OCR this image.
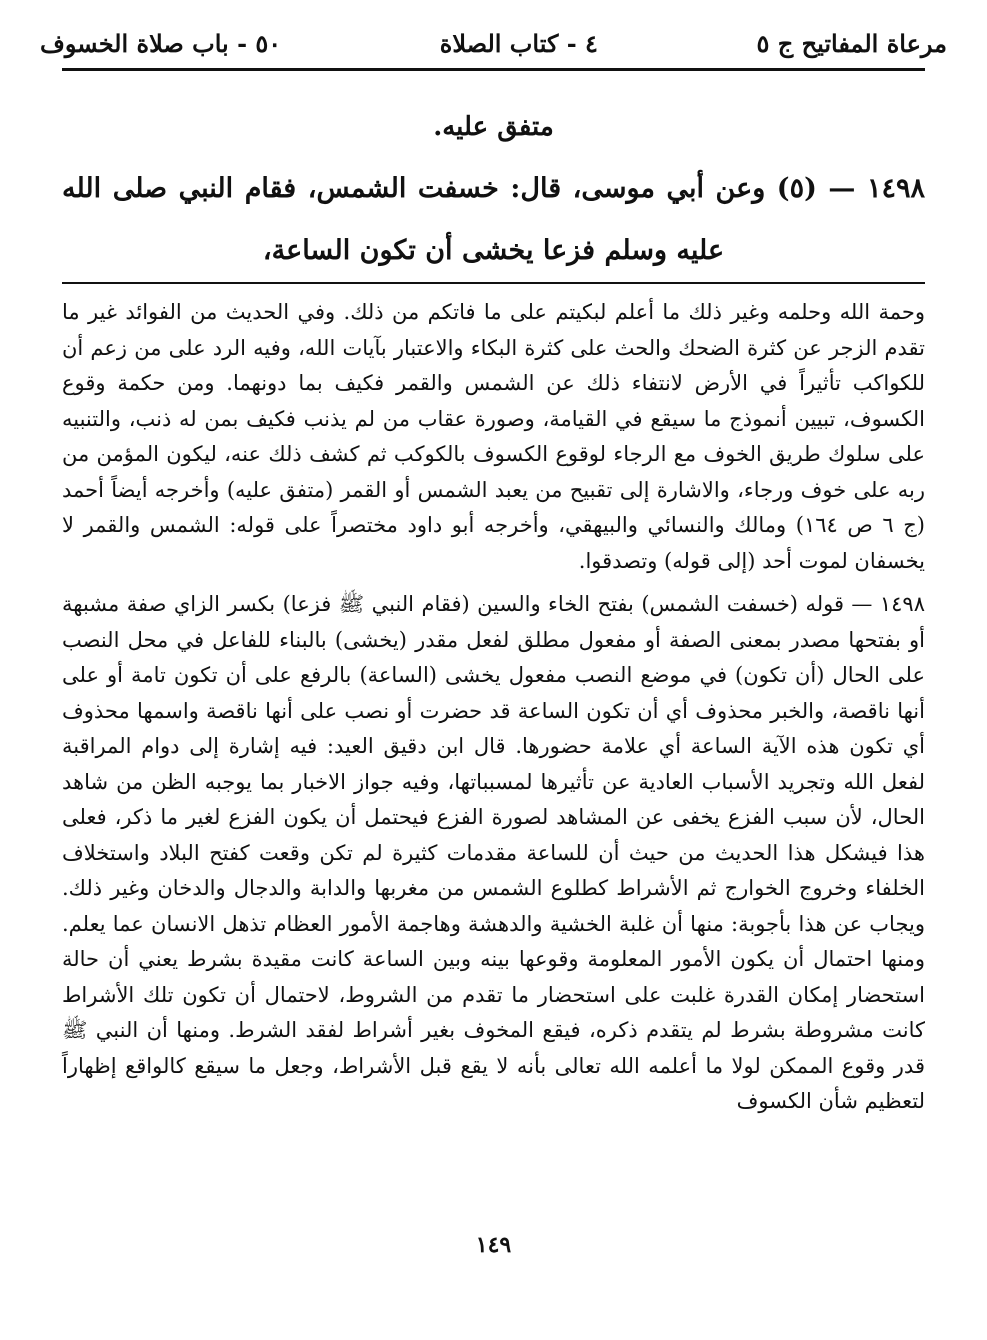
مرعاة المفاتيح ج ٥
٤ - كتاب الصلاة
٥٠ - باب صلاة الخسوف
متفق عليه.
١٤٩٨ — (٥) وعن أبي موسى، قال: خسفت الشمس، فقام النبي صلى الله عليه وسلم فزعا يخشى أن تكون الساعة،

وحمة الله وحلمه وغير ذلك ما أعلم لبكيتم على ما فاتكم من ذلك. وفي الحديث من الفوائد غير ما تقدم الزجر عن كثرة الضحك والحث على كثرة البكاء والاعتبار بآيات الله، وفيه الرد على من زعم أن للكواكب تأثيراً في الأرض لانتفاء ذلك عن الشمس والقمر فكيف بما دونهما. ومن حكمة وقوع الكسوف، تبيين أنموذج ما سيقع في القيامة، وصورة عقاب من لم يذنب فكيف بمن له ذنب، والتنبيه على سلوك طريق الخوف مع الرجاء لوقوع الكسوف بالكوكب ثم كشف ذلك عنه، ليكون المؤمن من ربه على خوف ورجاء، والاشارة إلى تقبيح من يعبد الشمس أو القمر (متفق عليه) وأخرجه أيضاً أحمد (ج ٦ ص ١٦٤) ومالك والنسائي والبيهقي، وأخرجه أبو داود مختصراً على قوله: الشمس والقمر لا يخسفان لموت أحد (إلى قوله) وتصدقوا.

١٤٩٨ — قوله (خسفت الشمس) بفتح الخاء والسين (فقام النبي ﷺ فزعا) بكسر الزاي صفة مشبهة أو بفتحها مصدر بمعنى الصفة أو مفعول مطلق لفعل مقدر (يخشى) بالبناء للفاعل في محل النصب على الحال (أن تكون) في موضع النصب مفعول يخشى (الساعة) بالرفع على أن تكون تامة أو على أنها ناقصة، والخبر محذوف أي أن تكون الساعة قد حضرت أو نصب على أنها ناقصة واسمها محذوف أي تكون هذه الآية الساعة أي علامة حضورها. قال ابن دقيق العيد: فيه إشارة إلى دوام المراقبة لفعل الله وتجريد الأسباب العادية عن تأثيرها لمسبباتها، وفيه جواز الاخبار بما يوجبه الظن من شاهد الحال، لأن سبب الفزع يخفى عن المشاهد لصورة الفزع فيحتمل أن يكون الفزع لغير ما ذكر، فعلى هذا فيشكل هذا الحديث من حيث أن للساعة مقدمات كثيرة لم تكن وقعت كفتح البلاد واستخلاف الخلفاء وخروج الخوارج ثم الأشراط كطلوع الشمس من مغربها والدابة والدجال والدخان وغير ذلك. ويجاب عن هذا بأجوبة: منها أن غلبة الخشية والدهشة وهاجمة الأمور العظام تذهل الانسان عما يعلم. ومنها احتمال أن يكون الأمور المعلومة وقوعها بينه وبين الساعة كانت مقيدة بشرط يعني أن حالة استحضار إمكان القدرة غلبت على استحضار ما تقدم من الشروط، لاحتمال أن تكون تلك الأشراط كانت مشروطة بشرط لم يتقدم ذكره، فيقع المخوف بغير أشراط لفقد الشرط. ومنها أن النبي ﷺ قدر وقوع الممكن لولا ما أعلمه الله تعالى بأنه لا يقع قبل الأشراط، وجعل ما سيقع كالواقع إظهاراً لتعظيم شأن الكسوف

١٤٩
